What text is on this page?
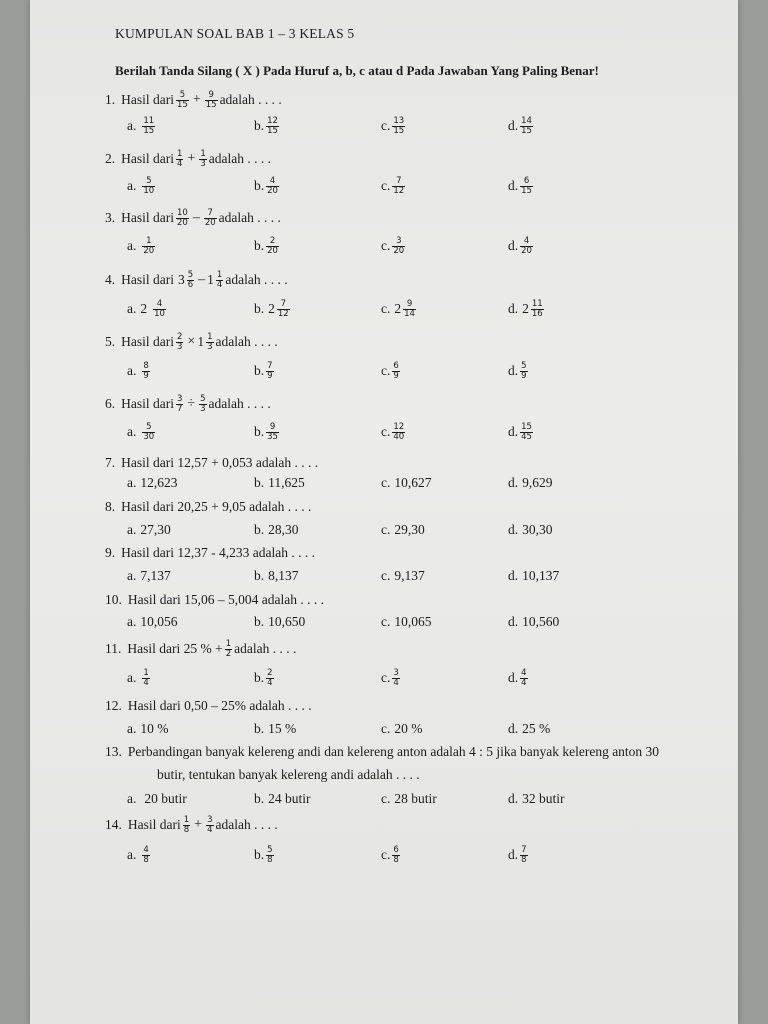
KUMPULAN SOAL BAB 1 – 3 KELAS 5
Berilah Tanda Silang ( X ) Pada Huruf a, b, c atau d Pada Jawaban Yang Paling Benar!
1. Hasil dari $\frac{5}{15} + \frac{9}{15}$ adalah . . . .
a. $\frac{11}{15}$	b. $\frac{12}{15}$	c. $\frac{13}{15}$	d. $\frac{14}{15}$
2. Hasil dari $\frac{1}{4} + \frac{1}{3}$ adalah . . . .
a. $\frac{5}{10}$	b. $\frac{4}{20}$	c. $\frac{7}{12}$	d. $\frac{6}{15}$
3. Hasil dari $\frac{10}{20} - \frac{7}{20}$ adalah . . . .
a. $\frac{1}{20}$	b. $\frac{2}{20}$	c. $\frac{3}{20}$	d. $\frac{4}{20}$
4. Hasil dari $3 \frac{5}{6} - 1 \frac{1}{4}$ adalah . . . .
a. $2 \frac{4}{10}$	b. $2 \frac{7}{12}$	c. $2 \frac{9}{14}$	d. $2 \frac{11}{16}$
5. Hasil dari $\frac{2}{3} \times 1 \frac{1}{3}$ adalah . . . .
a. $\frac{8}{9}$	b. $\frac{7}{9}$	c. $\frac{6}{9}$	d. $\frac{5}{9}$
6. Hasil dari $\frac{3}{7} \div \frac{5}{3}$ adalah . . . .
a. $\frac{5}{30}$	b. $\frac{9}{35}$	c. $\frac{12}{40}$	d. $\frac{15}{45}$
7. Hasil dari 12,57 + 0,053 adalah . . . .
a. 12,623	b. 11,625	c. 10,627	d. 9,629
8. Hasil dari 20,25 + 9,05 adalah . . . .
a. 27,30	b. 28,30	c. 29,30	d. 30,30
9. Hasil dari 12,37 - 4,233 adalah . . . .
a. 7,137	b. 8,137	c. 9,137	d. 10,137
10. Hasil dari 15,06 – 5,004 adalah . . . .
a. 10,056	b. 10,650	c. 10,065	d. 10,560
11. Hasil dari 25 % + $\frac{1}{2}$ adalah . . . .
a. $\frac{1}{4}$	b. $\frac{2}{4}$	c. $\frac{3}{4}$	d. $\frac{4}{4}$
12. Hasil dari 0,50 – 25% adalah . . . .
a. 10 %	b. 15 %	c. 20 %	d. 25 %
13. Perbandingan banyak kelereng andi dan kelereng anton adalah 4 : 5 jika banyak kelereng anton 30
butir, tentukan banyak kelereng andi adalah . . . .
a. 20 butir	b. 24 butir	c. 28 butir	d. 32 butir
14. Hasil dari $\frac{1}{8} + \frac{3}{4}$ adalah . . . .
a. $\frac{4}{8}$	b. $\frac{5}{8}$	c. $\frac{6}{8}$	d. $\frac{7}{8}$
